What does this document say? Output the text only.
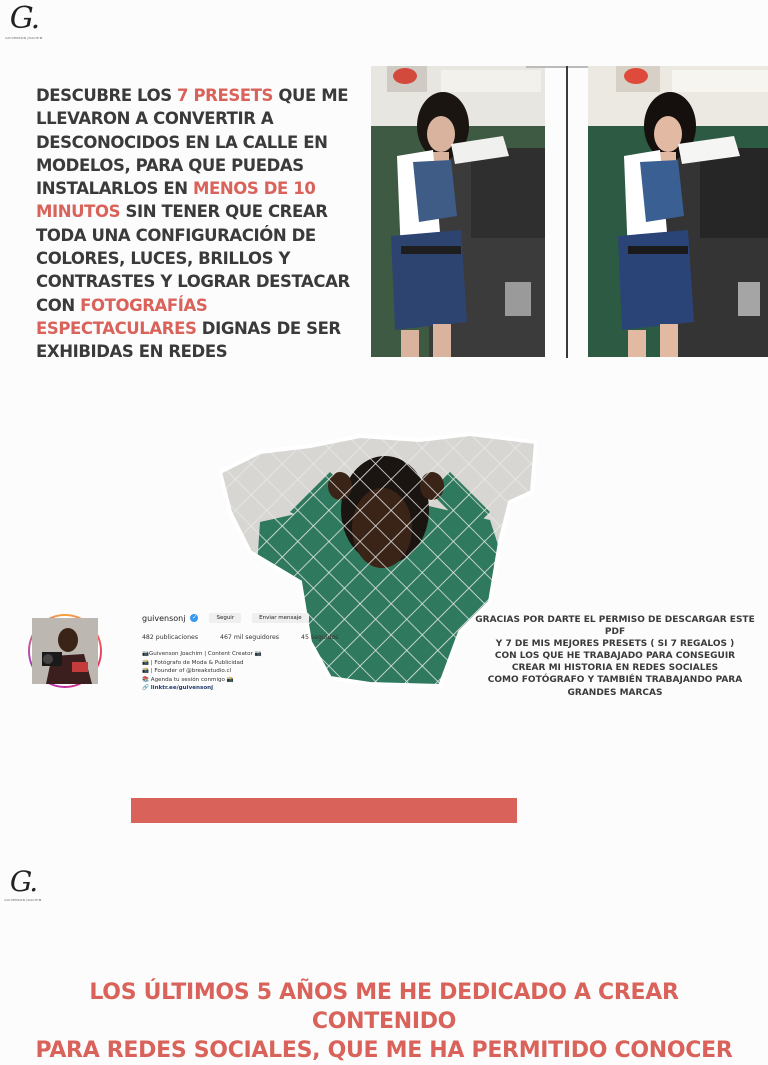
G.
GUIVENSON JOACHIM

DESCUBRE LOS 7 PRESETS QUE ME LLEVARON A CONVERTIR A DESCONOCIDOS EN LA CALLE EN MODELOS, PARA QUE PUEDAS INSTALARLOS EN MENOS DE 10 MINUTOS SIN TENER QUE CREAR TODA UNA CONFIGURACIÓN DE COLORES, LUCES, BRILLOS Y CONTRASTES Y LOGRAR DESTACAR CON FOTOGRAFÍAS ESPECTACULARES DIGNAS DE SER EXHIBIDAS EN REDES

guivensonj ✓	Seguir	Enviar mensaje
482 publicaciones	467 mil seguidores	45 seguidos
📷Guivenson Joachim | Content Creator 📷
📸 | Fotógrafo de Moda & Publicidad
📸 | Founder of @breakstudio.cl
📚 Agenda tu sesión conmigo 📸
🔗 linktr.ee/guivensonj
GRACIAS POR DARTE EL PERMISO DE DESCARGAR ESTE PDF
Y 7 DE MIS MEJORES PRESETS ( SI 7 REGALOS )
CON LOS QUE HE TRABAJADO PARA CONSEGUIR
CREAR MI HISTORIA EN REDES SOCIALES
COMO FOTÓGRAFO Y TAMBIÉN TRABAJANDO PARA
GRANDES MARCAS
G.
GUIVENSON JOACHIM
LOS ÚLTIMOS 5 AÑOS ME HE DEDICADO A CREAR CONTENIDO
PARA REDES SOCIALES, QUE ME HA PERMITIDO CONOCER
